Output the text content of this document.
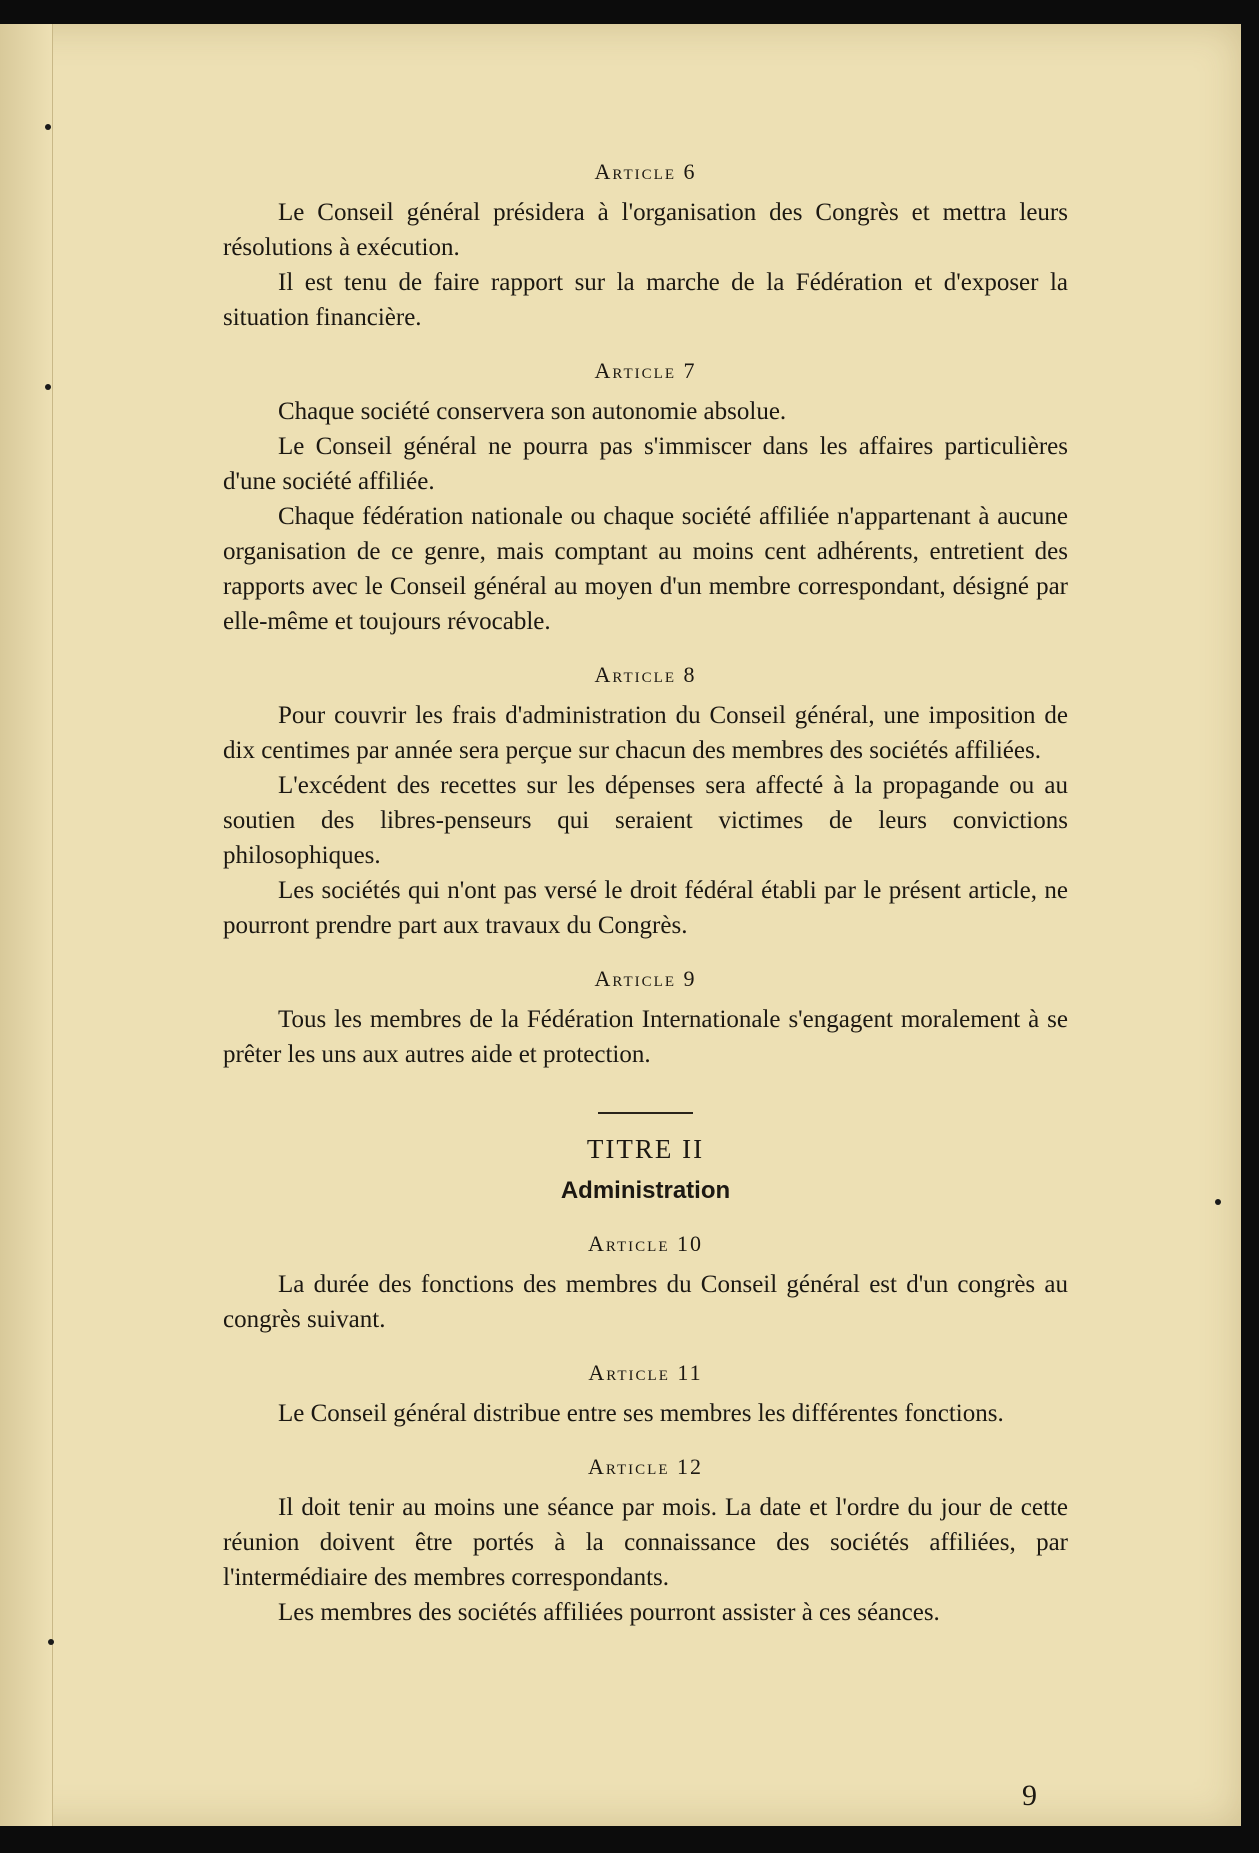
Article 6

Le Conseil général présidera à l'organisation des Congrès et mettra leurs résolutions à exécution.

Il est tenu de faire rapport sur la marche de la Fédération et d'exposer la situation financière.

Article 7

Chaque société conservera son autonomie absolue.

Le Conseil général ne pourra pas s'immiscer dans les affaires particulières d'une société affiliée.

Chaque fédération nationale ou chaque société affiliée n'appartenant à aucune organisation de ce genre, mais comptant au moins cent adhérents, entretient des rapports avec le Conseil général au moyen d'un membre correspondant, désigné par elle-même et toujours révocable.

Article 8

Pour couvrir les frais d'administration du Conseil général, une imposition de dix centimes par année sera perçue sur chacun des membres des sociétés affiliées.

L'excédent des recettes sur les dépenses sera affecté à la propagande ou au soutien des libres-penseurs qui seraient victimes de leurs convictions philosophiques.

Les sociétés qui n'ont pas versé le droit fédéral établi par le présent article, ne pourront prendre part aux travaux du Congrès.

Article 9

Tous les membres de la Fédération Internationale s'engagent moralement à se prêter les uns aux autres aide et protection.

TITRE II
Administration
Article 10

La durée des fonctions des membres du Conseil général est d'un congrès au congrès suivant.

Article 11

Le Conseil général distribue entre ses membres les différentes fonctions.

Article 12

Il doit tenir au moins une séance par mois. La date et l'ordre du jour de cette réunion doivent être portés à la connaissance des sociétés affiliées, par l'intermédiaire des membres correspondants.

Les membres des sociétés affiliées pourront assister à ces séances.

9
